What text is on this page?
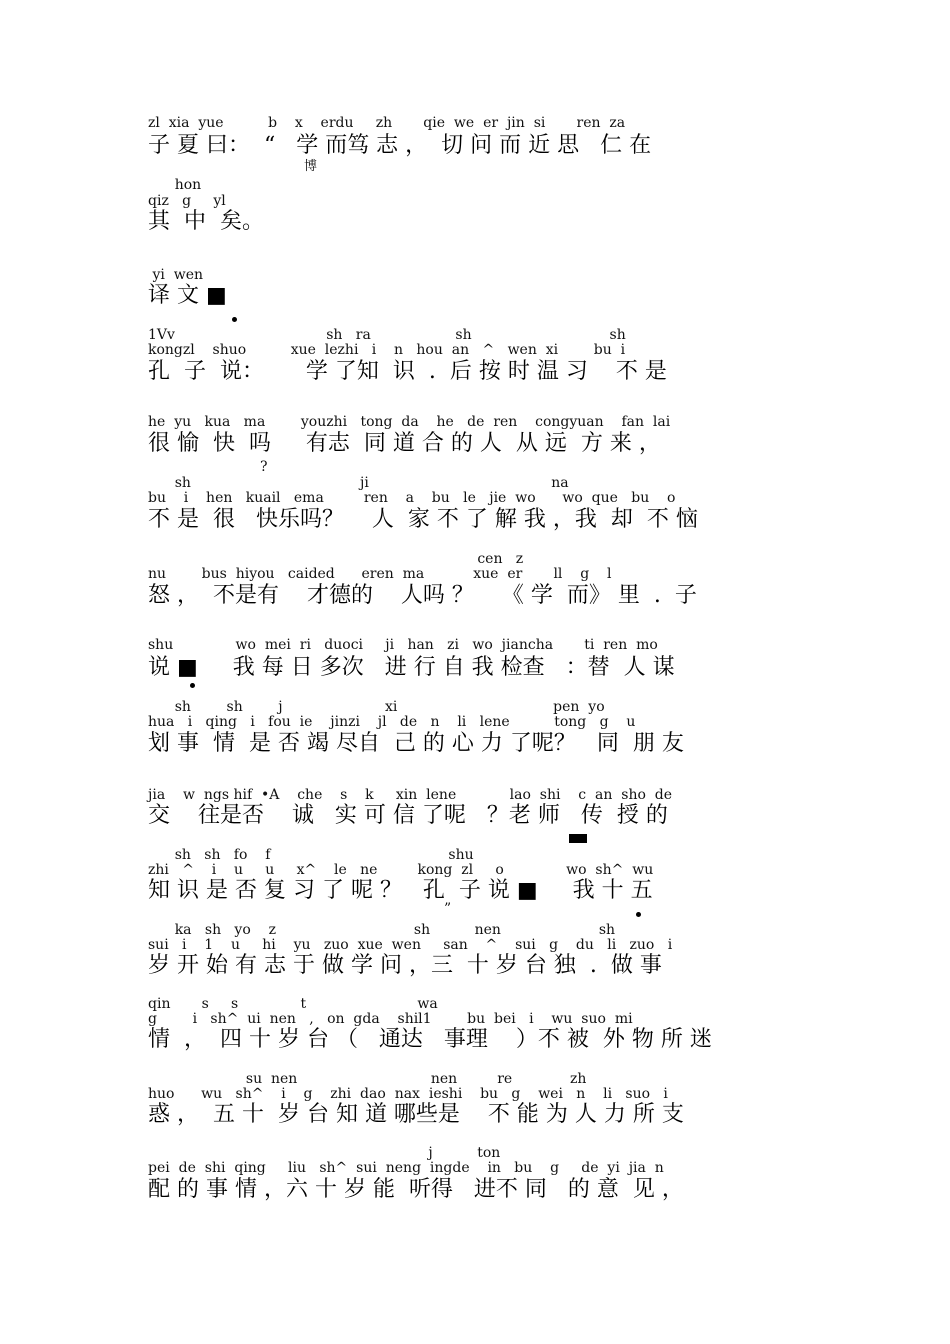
zl  xia  yue          b    x    erdu     zh       qie  we  er  jin  si       ren  za
子 夏 曰：  “   学 而笃 志 ，  切 问 而 近 思   仁 在
博
hon
qiz   g     yl
其  中  矣。
yi  wen
译 文 ■
1Vv                                  sh   ra                   sh                               sh
kongzl    shuo          xue  lezhi   i    n   hou  an   ^   wen  xi        bu  i
孔  子  说：      学 了知  识  .  后 按 时 温 习    不 是
he  yu   kua   ma        youzhi   tong  da    he   de  ren    congyuan    fan  lai
很 愉  快  吗     有志  同 道 合 的 人  从 远  方 来 ，
?
sh                                      ji                                         na
bu    i    hen   kuail   ema         ren    a    bu   le   jie  wo      wo  que   bu    o
不 是  很   快乐吗？    人  家 不 了 解 我 ，我  却  不 恼
cen   z
nu        bus  hiyou   caided      eren  ma           xue  er       ll    g    l
怒 ，  不是有    才德的    人吗 ？    《 学  而》 里  .  子
shu              wo  mei  ri   duoci     ji   han   zi   wo  jiancha       ti  ren  mo
说 ■     我 每 日 多次   进 行 自 我 检查   ：替  人 谋
sh        sh        j                       xi                                   pen  yo
hua   i   qing   i   fou  ie    jinzi    jl   de   n    li   lene          tong   g    u
划 事  情  是 否 竭 尽自  己 的 心 力 了呢？   同  朋 友
jia    w  ngs hif  •A    che    s    k     xin  lene            lao  shi    c  an  sho  de
交    往是否    诚   实 可 信 了呢   ？老 师   传  授 的
sh   sh   fo    f                                        shu
zhi   ^    i    u     u     x^    le   ne         kong  zl     o              wo  sh^  wu
知 识 是 否 复 习 了 呢 ？   孔  子 说 ■     我 十 五
”
ka   sh   yo    z                               sh          nen                      sh
sui   i    1    u     hi    yu   zuo  xue  wen     san    ^    sui   g    du   li   zuo   i
岁 开 始 有 志 于 做 学 问 ，三  十 岁 台 独  .  做 事
qin       s     s              t                         wa
g        i   sh^  ui  nen   ,   on  gda    shil1        bu  bei   i    wu  suo  mi
情  ，  四 十 岁 台 （   通达   事理    ）不 被  外 物 所 迷
su  nen                              nen         re             zh
huo      wu   sh^    i    g    zhi  dao  nax  ieshi    bu   g    wei   n    li   suo   i
惑 ，  五 十  岁 台 知 道 哪些是    不 能 为 人 力 所 支
j          ton
pei  de  shi  qing     liu   sh^  sui  neng  ingde    in   bu    g     de  yi  jia  n
配 的 事 情 ，六 十 岁 能  听得   进不 同   的 意  见 ，
